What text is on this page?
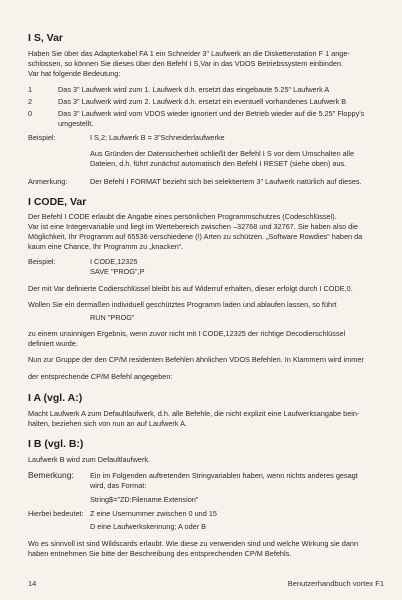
I S, Var
Haben Sie über das Adapterkabel FA 1 ein Schneider 3" Laufwerk an die Diskettenstation F 1 ange-
schlossen, so können Sie dieses über den Befehl I S,Var in das VDOS Betriebssystem einbinden.
Var hat folgende Bedeutung:
1	Das 3" Laufwerk wird zum 1. Laufwerk d.h. ersetzt das eingebaute 5.25" Laufwerk A
2	Das 3" Laufwerk wird zum 2. Laufwerk d.h. ersetzt ein eventuell vorhandenes Laufwerk B
0	Das 3" Laufwerk wird vom VDOS wieder ignoriert und der Betrieb wieder auf die 5.25" Floppy's
umgestellt.
Beispiel:	I S,2; Laufwerk B = 3"Schneiderlaufwerke
Aus Gründen der Datensicherheit schließt der Befehl I S vor dem Umschalten alle
Dateien, d.h. führt zunächst automatisch den Befehl I RESET (siehe oben) aus.
Anmerkung:	Der Befehl I FORMAT bezieht sich bei selektiertem 3" Laufwerk natürlich auf dieses.
I CODE, Var
Der Befehl I CODE erlaubt die Angabe eines persönlichen Programmschutzes (Codeschlüssel).
Var ist eine Integervariable und liegt im Wertebereich zwischen –32768 und 32767. Sie haben also die
Möglichkeit, Ihr Programm auf 65536 verschiedene (!) Arten zu schützen. „Software Rowdies“ haben da
kaum eine Chance, Ihr Programm zu „knacken“.
Beispiel:	I CODE,12325
SAVE "PROG",P
Der mit Var definierte Codierschlüssel bleibt bis auf Widerruf erhalten, dieser erfolgt durch I CODE,0.
Wollen Sie ein dermaßen individuell geschütztes Programm laden und ablaufen lassen, so führt
RUN "PROG"
zu einem unsinnigen Ergebnis, wenn zuvor nicht mit I CODE,12325 der richtige Decodierschlüssel
definiert wurde.
Nun zur Gruppe der den CP/M residenten Befehlen ähnlichen VDOS Befehlen. In Klammern wird immer
der entsprechende CP/M Befehl angegeben:
I A (vgl. A:)
Macht Laufwerk A zum Defaultlaufwerk, d.h. alle Befehle, die nicht explizit eine Laufwerksangabe bein-
halten, beziehen sich von nun an auf Laufwerk A.
I B (vgl. B:)
Laufwerk B wird zum Defaultlaufwerk.
Bemerkung: Ein im Folgenden auftretenden Stringvariablen haben, wenn nichts anderes gesagt
wird, das Format:
String$="ZD:Filename.Extension"
Hierbei bedeutet: Z eine Usernummer zwischen 0 und 15
D eine Laufwerkskennung; A oder B
Wo es sinnvoll ist sind Wildscards erlaubt. Wie diese zu verwenden sind und welche Wirkung sie dann
haben entnehmen Sie bitte der Beschreibung des entsprechenden CP/M Befehls.
14	Benutzerhandbuch vortex F1
